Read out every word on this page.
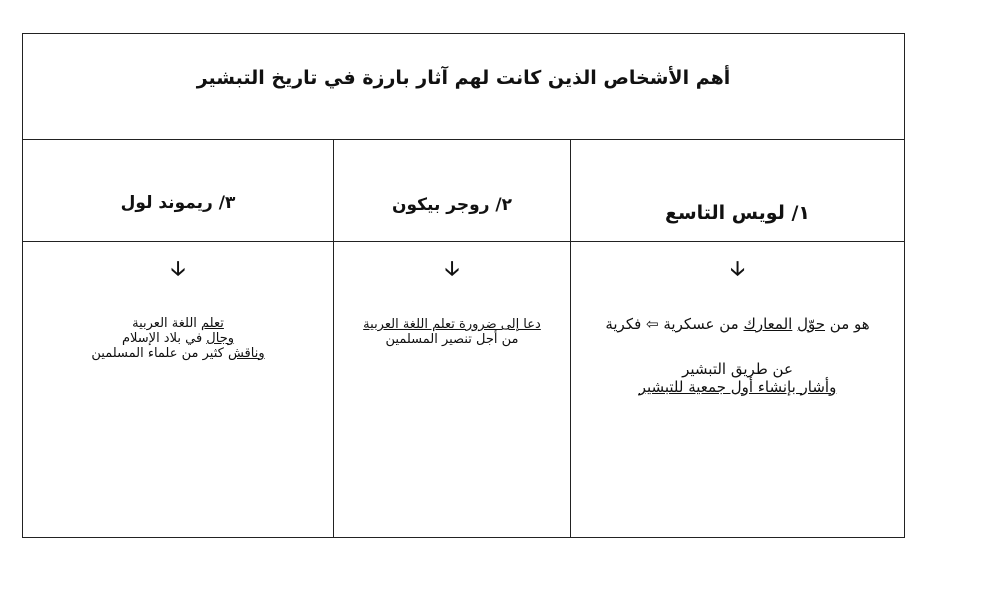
أهم الأشخاص الذين كانت لهم آثار بارزة في تاريخ التبشير
١/ لويس التاسع
🡣
هو من حوّل المعارك من عسكرية ⇦ فكرية
عن طريق التبشير
وأشار بإنشاء أول جمعية للتبشير
٢/ روجر بيكون
🡣
دعا إلى ضرورة تعلم اللغة العربية
من أجل تنصير المسلمين
٣/ ريموند لول
🡣
تعلم اللغة العربية
وجال في بلاد الإسلام
وناقش كثير من علماء المسلمين
